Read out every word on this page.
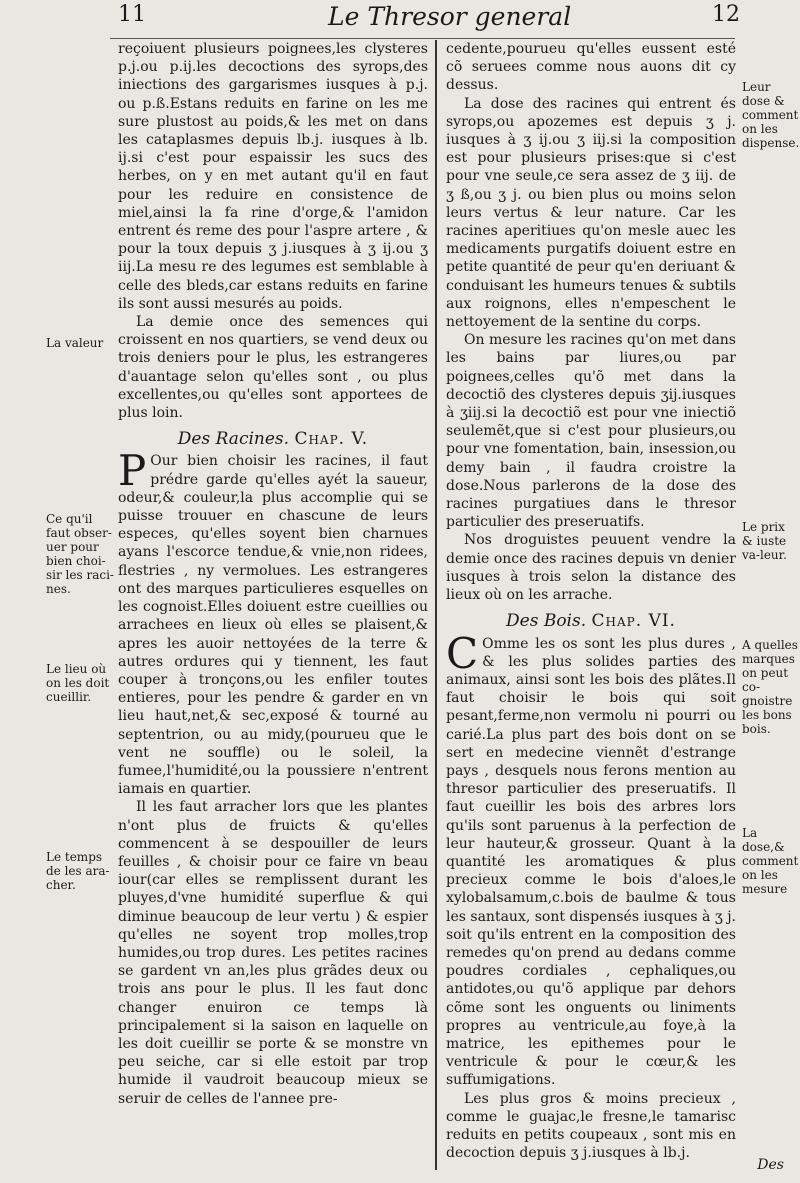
11	Le Thresor general	12

reçoiuent plusieurs poignees,les clysteres p.j.ou p.ij.les decoctions des syrops,des iniections des gargarismes iusques à p.j. ou p.ß.Estans reduits en farine on les me sure plustost au poids,& les met on dans les cataplasmes depuis lb.j. iusques à lb. ij.si c'est pour espaissir les sucs des herbes, on y en met autant qu'il en faut pour les reduire en consistence de miel,ainsi la fa rine d'orge,& l'amidon entrent és reme des pour l'aspre artere , & pour la toux depuis ʒ j.iusques à ʒ ij.ou ʒ iij.La mesu re des legumes est semblable à celle des bleds,car estans reduits en farine ils sont aussi mesurés au poids.

La demie once des semences qui croissent en nos quartiers, se vend deux ou trois deniers pour le plus, les estrangeres d'auantage selon qu'elles sont , ou plus excellentes,ou qu'elles sont apportees de plus loin.

Des Racines. Chap. V.

P Our bien choisir les racines, il faut prédre garde qu'elles ayét la saueur, odeur,& couleur,la plus accomplie qui se puisse trouuer en chascune de leurs especes, qu'elles soyent bien charnues ayans l'escorce tendue,& vnie,non ridees, flestries , ny vermolues. Les estrangeres ont des marques particulieres esquelles on les cognoist.Elles doiuent estre cueillies ou arrachees en lieux où elles se plaisent,& apres les auoir nettoyées de la terre & autres ordures qui y tiennent, les faut couper à tronçons,ou les enfiler toutes entieres, pour les pendre & garder en vn lieu haut,net,& sec,exposé & tourné au septentrion, ou au midy,(pourueu que le vent ne souffle) ou le soleil, la fumee,l'humidité,ou la poussiere n'entrent iamais en quartier.

Il les faut arracher lors que les plantes n'ont plus de fruicts & qu'elles commencent à se despouiller de leurs feuilles , & choisir pour ce faire vn beau iour(car elles se remplissent durant les pluyes,d'vne humidité superflue & qui diminue beaucoup de leur vertu ) & espier qu'elles ne soyent trop molles,trop humides,ou trop dures. Les petites racines se gardent vn an,les plus grãdes deux ou trois ans pour le plus. Il les faut donc changer enuiron ce temps là principalement si la saison en laquelle on les doit cueillir se porte & se monstre vn peu seiche, car si elle estoit par trop humide il vaudroit beaucoup mieux se seruir de celles de l'annee pre-

cedente,pourueu qu'elles eussent esté cõ seruees comme nous auons dit cy dessus.

La dose des racines qui entrent és syrops,ou apozemes est depuis ʒ j. iusques à ʒ ij.ou ʒ iij.si la composition est pour plusieurs prises:que si c'est pour vne seule,ce sera assez de ʒ iij. de ʒ ß,ou ʒ j. ou bien plus ou moins selon leurs vertus & leur nature. Car les racines aperitiues qu'on mesle auec les medicaments purgatifs doiuent estre en petite quantité de peur qu'en deriuant & conduisant les humeurs tenues & subtils aux roignons, elles n'empeschent le nettoyement de la sentine du corps.

On mesure les racines qu'on met dans les bains par liures,ou par poignees,celles qu'õ met dans la decoctiõ des clysteres depuis ʒij.iusques à ʒiij.si la decoctiõ est pour vne iniectiõ seulemẽt,que si c'est pour plusieurs,ou pour vne fomentation, bain, insession,ou demy bain , il faudra croistre la dose.Nous parlerons de la dose des racines purgatiues dans le thresor particulier des preseruatifs.

Nos droguistes peuuent vendre la demie once des racines depuis vn denier iusques à trois selon la distance des lieux où on les arrache.

Des Bois. Chap. VI.

C Omme les os sont les plus dures , & les plus solides parties des animaux, ainsi sont les bois des plãtes.Il faut choisir le bois qui soit pesant,ferme,non vermolu ni pourri ou carié.La plus part des bois dont on se sert en medecine viennẽt d'estrange pays , desquels nous ferons mention au thresor particulier des preseruatifs. Il faut cueillir les bois des arbres lors qu'ils sont paruenus à la perfection de leur hauteur,& grosseur. Quant à la quantité les aromatiques & plus precieux comme le bois d'aloes,le xylobalsamum,c.bois de baulme & tous les santaux, sont dispensés iusques à ʒ j. soit qu'ils entrent en la composition des remedes qu'on prend au dedans comme poudres cordiales , cephaliques,ou antidotes,ou qu'õ applique par dehors cõme sont les onguents ou liniments propres au ventricule,au foye,à la matrice, les epithemes pour le ventricule & pour le cœur,& les suffumigations.

Les plus gros & moins precieux , comme le guajac,le fresne,le tamarisc reduits en petits coupeaux , sont mis en decoction depuis ʒ j.iusques à lb.j.

La valeur
Ce qu'il faut obser-uer pour bien choi-sir les raci-nes.
Le lieu où on les doit cueillir.
Le temps de les ara-cher.
Leur dose & comment on les dispense.
Le prix & iuste va-leur.
A quelles marques on peut co-gnoistre les bons bois.
La dose,& comment on les mesure
Des
